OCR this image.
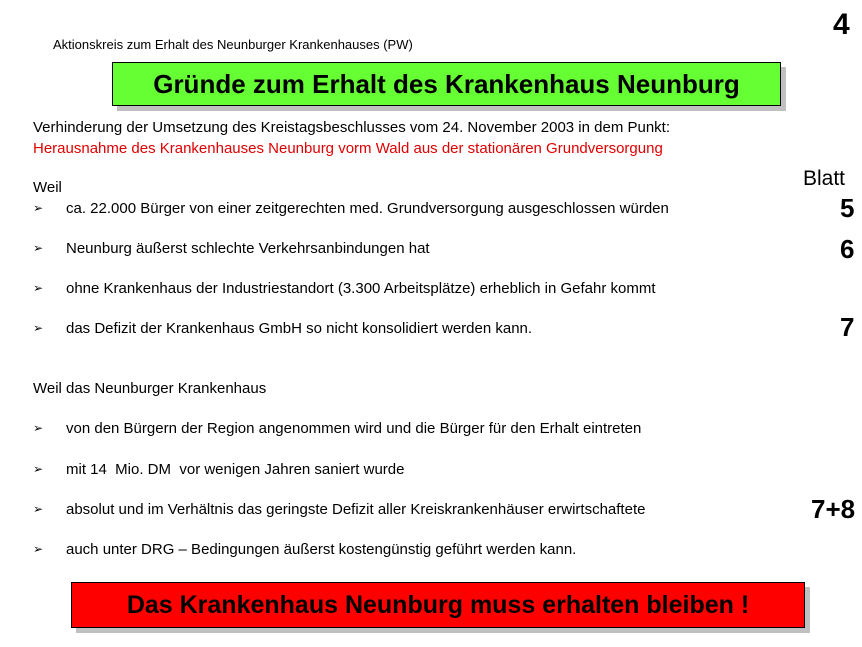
Aktionskreis zum Erhalt des Neunburger Krankenhauses (PW)
4
Gründe zum Erhalt des Krankenhaus Neunburg
Verhinderung der Umsetzung des Kreistagsbeschlusses vom 24. November 2003 in dem Punkt:
Herausnahme des Krankenhauses Neunburg vorm Wald aus der stationären Grundversorgung
Weil	Blatt
➢	ca. 22.000 Bürger von einer zeitgerechten med. Grundversorgung ausgeschlossen würden	5
➢	Neunburg äußerst schlechte Verkehrsanbindungen hat	6
➢	ohne Krankenhaus der Industriestandort (3.300 Arbeitsplätze) erheblich in Gefahr kommt
➢	das Defizit der Krankenhaus GmbH so nicht konsolidiert werden kann.	7
Weil das Neunburger Krankenhaus
➢	von den Bürgern der Region angenommen wird und die Bürger für den Erhalt eintreten
➢	mit 14  Mio. DM  vor wenigen Jahren saniert wurde
➢	absolut und im Verhältnis das geringste Defizit aller Kreiskrankenhäuser erwirtschaftete	7+8
➢	auch unter DRG – Bedingungen äußerst kostengünstig geführt werden kann.
Das Krankenhaus Neunburg muss erhalten bleiben !
